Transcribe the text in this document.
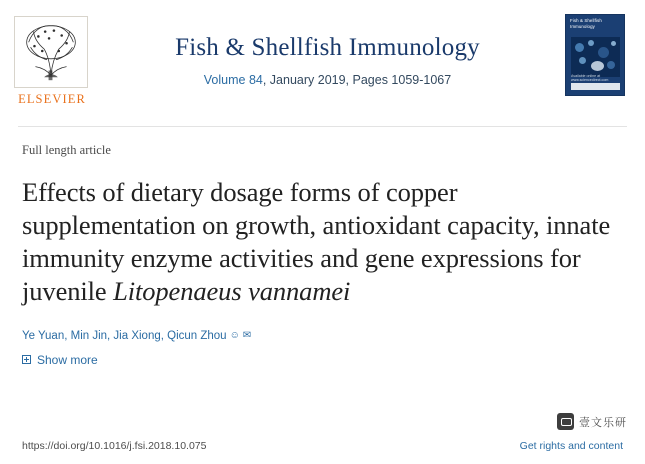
ELSEVIER
Fish & Shellfish Immunology
Volume 84, January 2019, Pages 1059-1067
Fish & Shellfish Immunology
Available online at www.sciencedirect.com
Full length article
Effects of dietary dosage forms of copper supplementation on growth, antioxidant capacity, innate immunity enzyme activities and gene expressions for juvenile Litopenaeus vannamei
Ye Yuan, Min Jin, Jia Xiong, Qicun Zhou ☺ ✉
Show more
壹文乐研
https://doi.org/10.1016/j.fsi.2018.10.075	Get rights and content
